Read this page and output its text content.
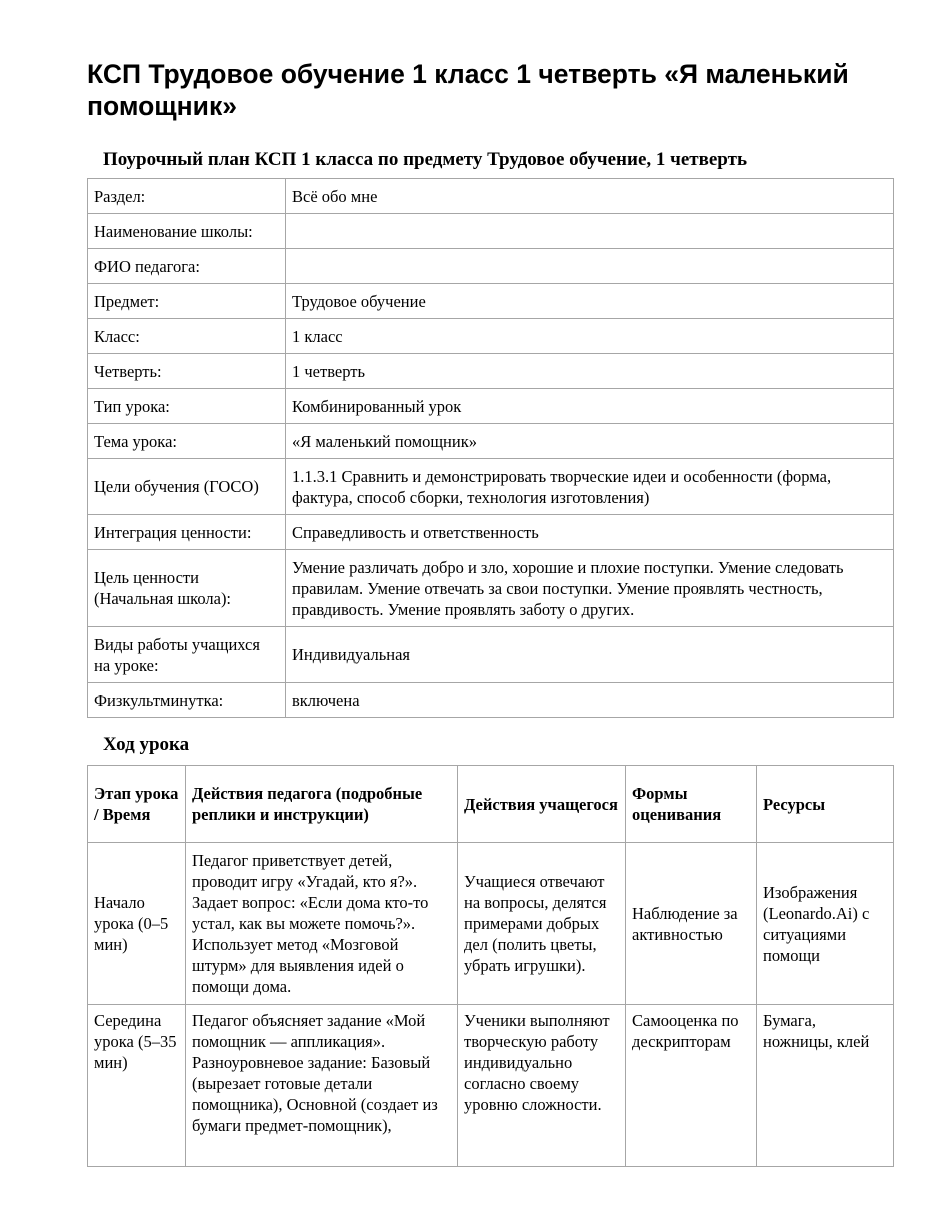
КСП Трудовое обучение 1 класс 1 четверть «Я маленький помощник»
Поурочный план КСП 1 класса по предмету Трудовое обучение, 1 четверть
Раздел:	Всё обо мне
Наименование школы:	
ФИО педагога:	
Предмет:	Трудовое обучение
Класс:	1 класс
Четверть:	1 четверть
Тип урока:	Комбинированный урок
Тема урока:	«Я маленький помощник»
Цели обучения (ГОСО)	1.1.3.1 Сравнить и демонстрировать творческие идеи и особенности (форма, фактура, способ сборки, технология изготовления)
Интеграция ценности:	Справедливость и ответственность
Цель ценности (Начальная школа):	Умение различать добро и зло, хорошие и плохие поступки. Умение следовать правилам. Умение отвечать за свои поступки. Умение проявлять честность, правдивость. Умение проявлять заботу о других.
Виды работы учащихся на уроке:	Индивидуальная
Физкультминутка:	включена
Ход урока
Этап урока / Время	Действия педагога (подробные реплики и инструкции)	Действия учащегося	Формы оценивания	Ресурсы
Начало урока (0–5 мин)	Педагог приветствует детей, проводит игру «Угадай, кто я?». Задает вопрос: «Если дома кто-то устал, как вы можете помочь?». Использует метод «Мозговой штурм» для выявления идей о помощи дома.	Учащиеся отвечают на вопросы, делятся примерами добрых дел (полить цветы, убрать игрушки).	Наблюдение за активностью	Изображения (Leonardo.Ai) с ситуациями помощи
Середина урока (5–35 мин)	Педагог объясняет задание «Мой помощник — аппликация». Разноуровневое задание: Базовый (вырезает готовые детали помощника), Основной (создает из бумаги предмет-помощник),	Ученики выполняют творческую работу индивидуально согласно своему уровню сложности.	Самооценка по дескрипторам	Бумага, ножницы, клей
